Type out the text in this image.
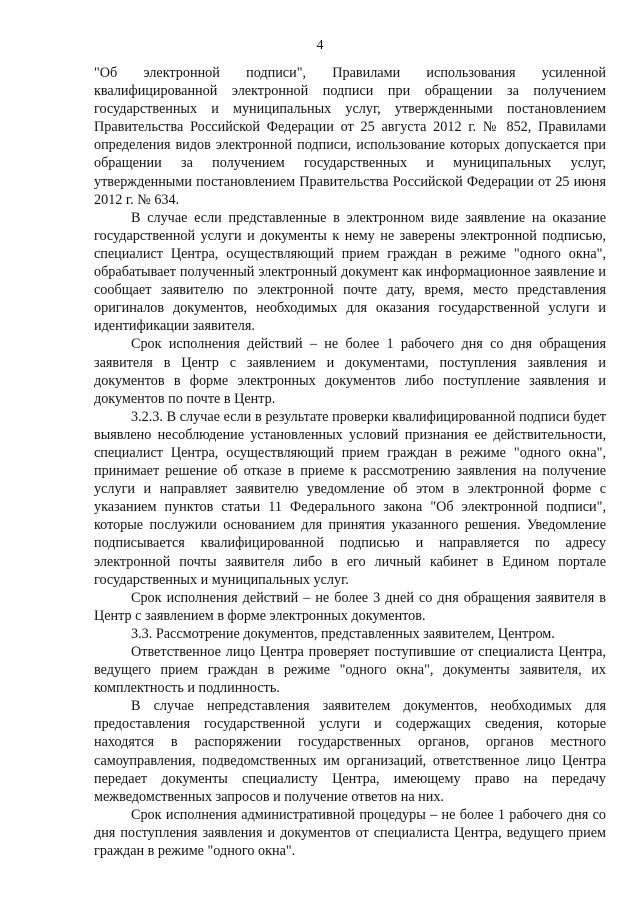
4

"Об электронной подписи", Правилами использования усиленной квалифицированной электронной подписи при обращении за получением государственных и муниципальных услуг, утвержденными постановлением Правительства Российской Федерации от 25 августа 2012 г. № 852, Правилами определения видов электронной подписи, использование которых допускается при обращении за получением государственных и муниципальных услуг, утвержденными постановлением Правительства Российской Федерации от 25 июня 2012 г. № 634.

В случае если представленные в электронном виде заявление на оказание государственной услуги и документы к нему не заверены электронной подписью, специалист Центра, осуществляющий прием граждан в режиме "одного окна", обрабатывает полученный электронный документ как информационное заявление и сообщает заявителю по электронной почте дату, время, место представления оригиналов документов, необходимых для оказания государственной услуги и идентификации заявителя.

Срок исполнения действий – не более 1 рабочего дня со дня обращения заявителя в Центр с заявлением и документами, поступления заявления и документов в форме электронных документов либо поступление заявления и документов по почте в Центр.

3.2.3. В случае если в результате проверки квалифицированной подписи будет выявлено несоблюдение установленных условий признания ее действительности, специалист Центра, осуществляющий прием граждан в режиме "одного окна", принимает решение об отказе в приеме к рассмотрению заявления на получение услуги и направляет заявителю уведомление об этом в электронной форме с указанием пунктов статьи 11 Федерального закона "Об электронной подписи", которые послужили основанием для принятия указанного решения. Уведомление подписывается квалифицированной подписью и направляется по адресу электронной почты заявителя либо в его личный кабинет в Едином портале государственных и муниципальных услуг.

Срок исполнения действий – не более 3 дней со дня обращения заявителя в Центр с заявлением в форме электронных документов.

3.3. Рассмотрение документов, представленных заявителем, Центром.

Ответственное лицо Центра проверяет поступившие от специалиста Центра, ведущего прием граждан в режиме "одного окна", документы заявителя, их комплектность и подлинность.

В случае непредставления заявителем документов, необходимых для предоставления государственной услуги и содержащих сведения, которые находятся в распоряжении государственных органов, органов местного самоуправления, подведомственных им организаций, ответственное лицо Центра передает документы специалисту Центра, имеющему право на передачу межведомственных запросов и получение ответов на них.

Срок исполнения административной процедуры – не более 1 рабочего дня со дня поступления заявления и документов от специалиста Центра, ведущего прием граждан в режиме "одного окна".
